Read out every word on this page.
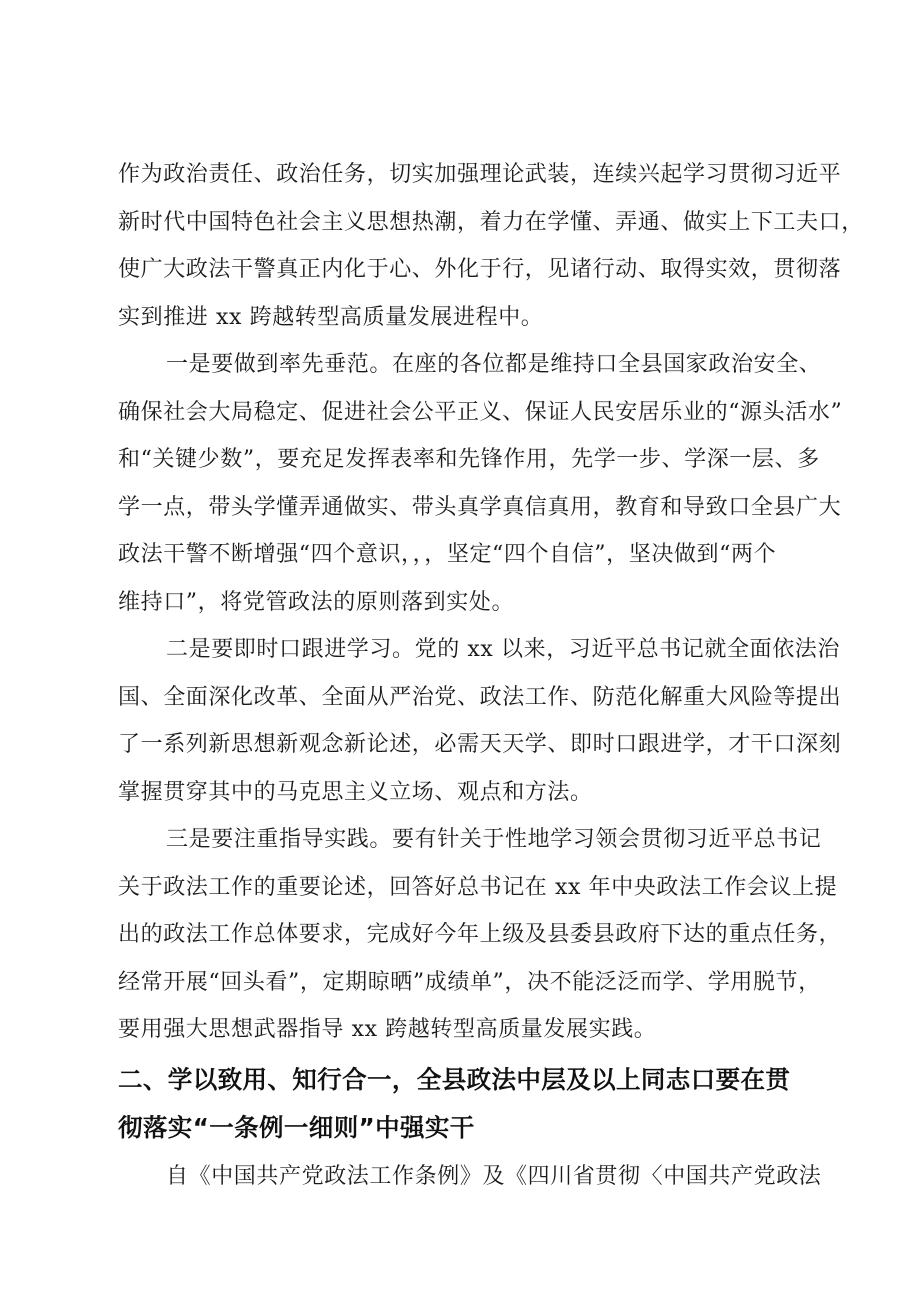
作为政治责任、政治任务，切实加强理论武装，连续兴起学习贯彻习近平
新时代中国特色社会主义思想热潮，着力在学懂、弄通、做实上下工夫口，
使广大政法干警真正内化于心、外化于行，见诸行动、取得实效，贯彻落
实到推进 xx 跨越转型高质量发展进程中。
一是要做到率先垂范。在座的各位都是维持口全县国家政治安全、
确保社会大局稳定、促进社会公平正义、保证人民安居乐业的“源头活水”
和“关键少数”，要充足发挥表率和先锋作用，先学一步、学深一层、多
学一点，带头学懂弄通做实、带头真学真信真用，教育和导致口全县广大
政法干警不断增强“四个意识，，，坚定“四个自信”，坚决做到“两个
维持口”，将党管政法的原则落到实处。
二是要即时口跟进学习。党的 xx 以来，习近平总书记就全面依法治
国、全面深化改革、全面从严治党、政法工作、防范化解重大风险等提出
了一系列新思想新观念新论述，必需天天学、即时口跟进学，才干口深刻
掌握贯穿其中的马克思主义立场、观点和方法。
三是要注重指导实践。要有针关于性地学习领会贯彻习近平总书记
关于政法工作的重要论述，回答好总书记在 xx 年中央政法工作会议上提
出的政法工作总体要求，完成好今年上级及县委县政府下达的重点任务，
经常开展“回头看”，定期晾晒”成绩单”，决不能泛泛而学、学用脱节，
要用强大思想武器指导 xx 跨越转型高质量发展实践。
二、学以致用、知行合一，全县政法中层及以上同志口要在贯
彻落实“一条例一细则”中强实干
自《中国共产党政法工作条例》及《四川省贯彻〈中国共产党政法
